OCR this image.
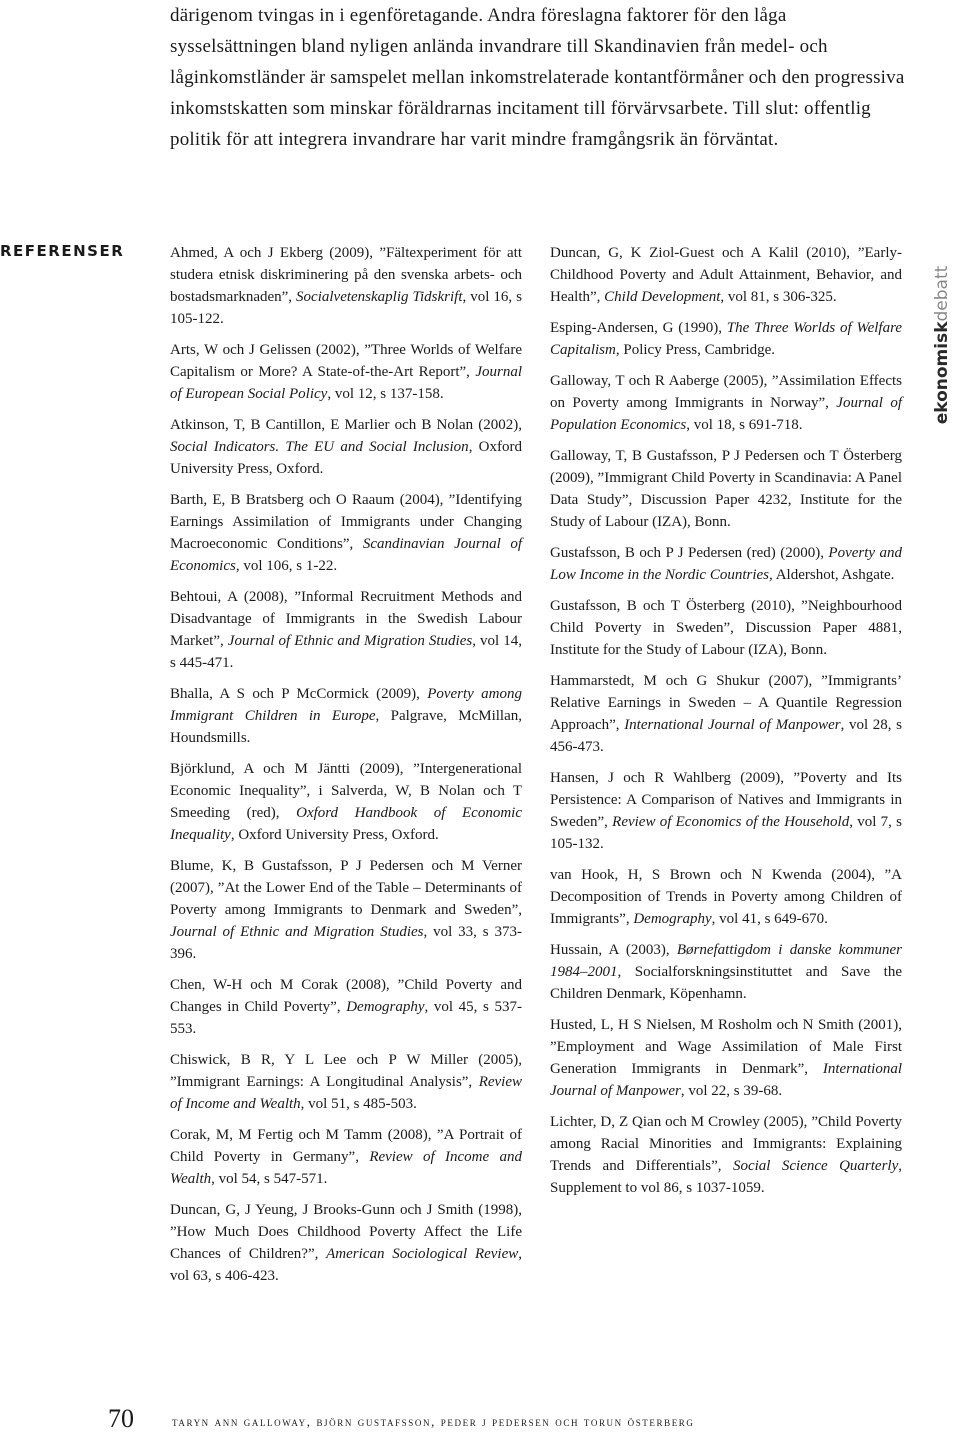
därigenom tvingas in i egenföretagande. Andra föreslagna faktorer för den låga sysselsättningen bland nyligen anlända invandrare till Skandinavien från medel- och låginkomstländer är samspelet mellan inkomstrelaterade kontantförmåner och den progressiva inkomstskatten som minskar föräldrarnas incitament till förvärvsarbete. Till slut: offentlig politik för att integrera invandrare har varit mindre framgångsrik än förväntat.

REFERENSER	Ahmed, A och J Ekberg (2009), ”Fältexperiment för att studera etnisk diskriminering på den svenska arbets- och bostadsmarknaden”, Socialvetenskaplig Tidskrift, vol 16, s 105-122.

Arts, W och J Gelissen (2002), ”Three Worlds of Welfare Capitalism or More? A State-of-the-Art Report”, Journal of European Social Policy, vol 12, s 137-158.

Atkinson, T, B Cantillon, E Marlier och B Nolan (2002), Social Indicators. The EU and Social Inclusion, Oxford University Press, Oxford.

Barth, E, B Bratsberg och O Raaum (2004), ”Identifying Earnings Assimilation of Immigrants under Changing Macroeconomic Conditions”, Scandinavian Journal of Economics, vol 106, s 1-22.

Behtoui, A (2008), ”Informal Recruitment Methods and Disadvantage of Immigrants in the Swedish Labour Market”, Journal of Ethnic and Migration Studies, vol 14, s 445-471.

Bhalla, A S och P McCormick (2009), Poverty among Immigrant Children in Europe, Palgrave, McMillan, Houndsmills.

Björklund, A och M Jäntti (2009), ”Intergenerational Economic Inequality”, i Salverda, W, B Nolan och T Smeeding (red), Oxford Handbook of Economic Inequality, Oxford University Press, Oxford.

Blume, K, B Gustafsson, P J Pedersen och M Verner (2007), ”At the Lower End of the Table – Determinants of Poverty among Immigrants to Denmark and Sweden”, Journal of Ethnic and Migration Studies, vol 33, s 373-396.

Chen, W-H och M Corak (2008), ”Child Poverty and Changes in Child Poverty”, Demography, vol 45, s 537-553.

Chiswick, B R, Y L Lee och P W Miller (2005), ”Immigrant Earnings: A Longitudinal Analysis”, Review of Income and Wealth, vol 51, s 485-503.

Corak, M, M Fertig och M Tamm (2008), ”A Portrait of Child Poverty in Germany”, Review of Income and Wealth, vol 54, s 547-571.

Duncan, G, J Yeung, J Brooks-Gunn och J Smith (1998), ”How Much Does Childhood Poverty Affect the Life Chances of Children?”, American Sociological Review, vol 63, s 406-423.

Duncan, G, K Ziol-Guest och A Kalil (2010), ”Early-Childhood Poverty and Adult Attainment, Behavior, and Health”, Child Development, vol 81, s 306-325.

Esping-Andersen, G (1990), The Three Worlds of Welfare Capitalism, Policy Press, Cambridge.

Galloway, T och R Aaberge (2005), ”Assimilation Effects on Poverty among Immigrants in Norway”, Journal of Population Economics, vol 18, s 691-718.

Galloway, T, B Gustafsson, P J Pedersen och T Österberg (2009), ”Immigrant Child Poverty in Scandinavia: A Panel Data Study”, Discussion Paper 4232, Institute for the Study of Labour (IZA), Bonn.

Gustafsson, B och P J Pedersen (red) (2000), Poverty and Low Income in the Nordic Countries, Aldershot, Ashgate.

Gustafsson, B och T Österberg (2010), ”Neighbourhood Child Poverty in Sweden”, Discussion Paper 4881, Institute for the Study of Labour (IZA), Bonn.

Hammarstedt, M och G Shukur (2007), ”Immigrants’ Relative Earnings in Sweden – A Quantile Regression Approach”, International Journal of Manpower, vol 28, s 456-473.

Hansen, J och R Wahlberg (2009), ”Poverty and Its Persistence: A Comparison of Natives and Immigrants in Sweden”, Review of Economics of the Household, vol 7, s 105-132.

van Hook, H, S Brown och N Kwenda (2004), ”A Decomposition of Trends in Poverty among Children of Immigrants”, Demography, vol 41, s 649-670.

Hussain, A (2003), Børnefattigdom i danske kommuner 1984–2001, Socialforskningsinstituttet and Save the Children Denmark, Köpenhamn.

Husted, L, H S Nielsen, M Rosholm och N Smith (2001), ”Employment and Wage Assimilation of Male First Generation Immigrants in Denmark”, International Journal of Manpower, vol 22, s 39-68.

Lichter, D, Z Qian och M Crowley (2005), ”Child Poverty among Racial Minorities and Immigrants: Explaining Trends and Differentials”, Social Science Quarterly, Supplement to vol 86, s 1037-1059.

ekonomiskdebatt
70	taryn ann galloway, björn gustafsson, peder j pedersen och torun österberg
